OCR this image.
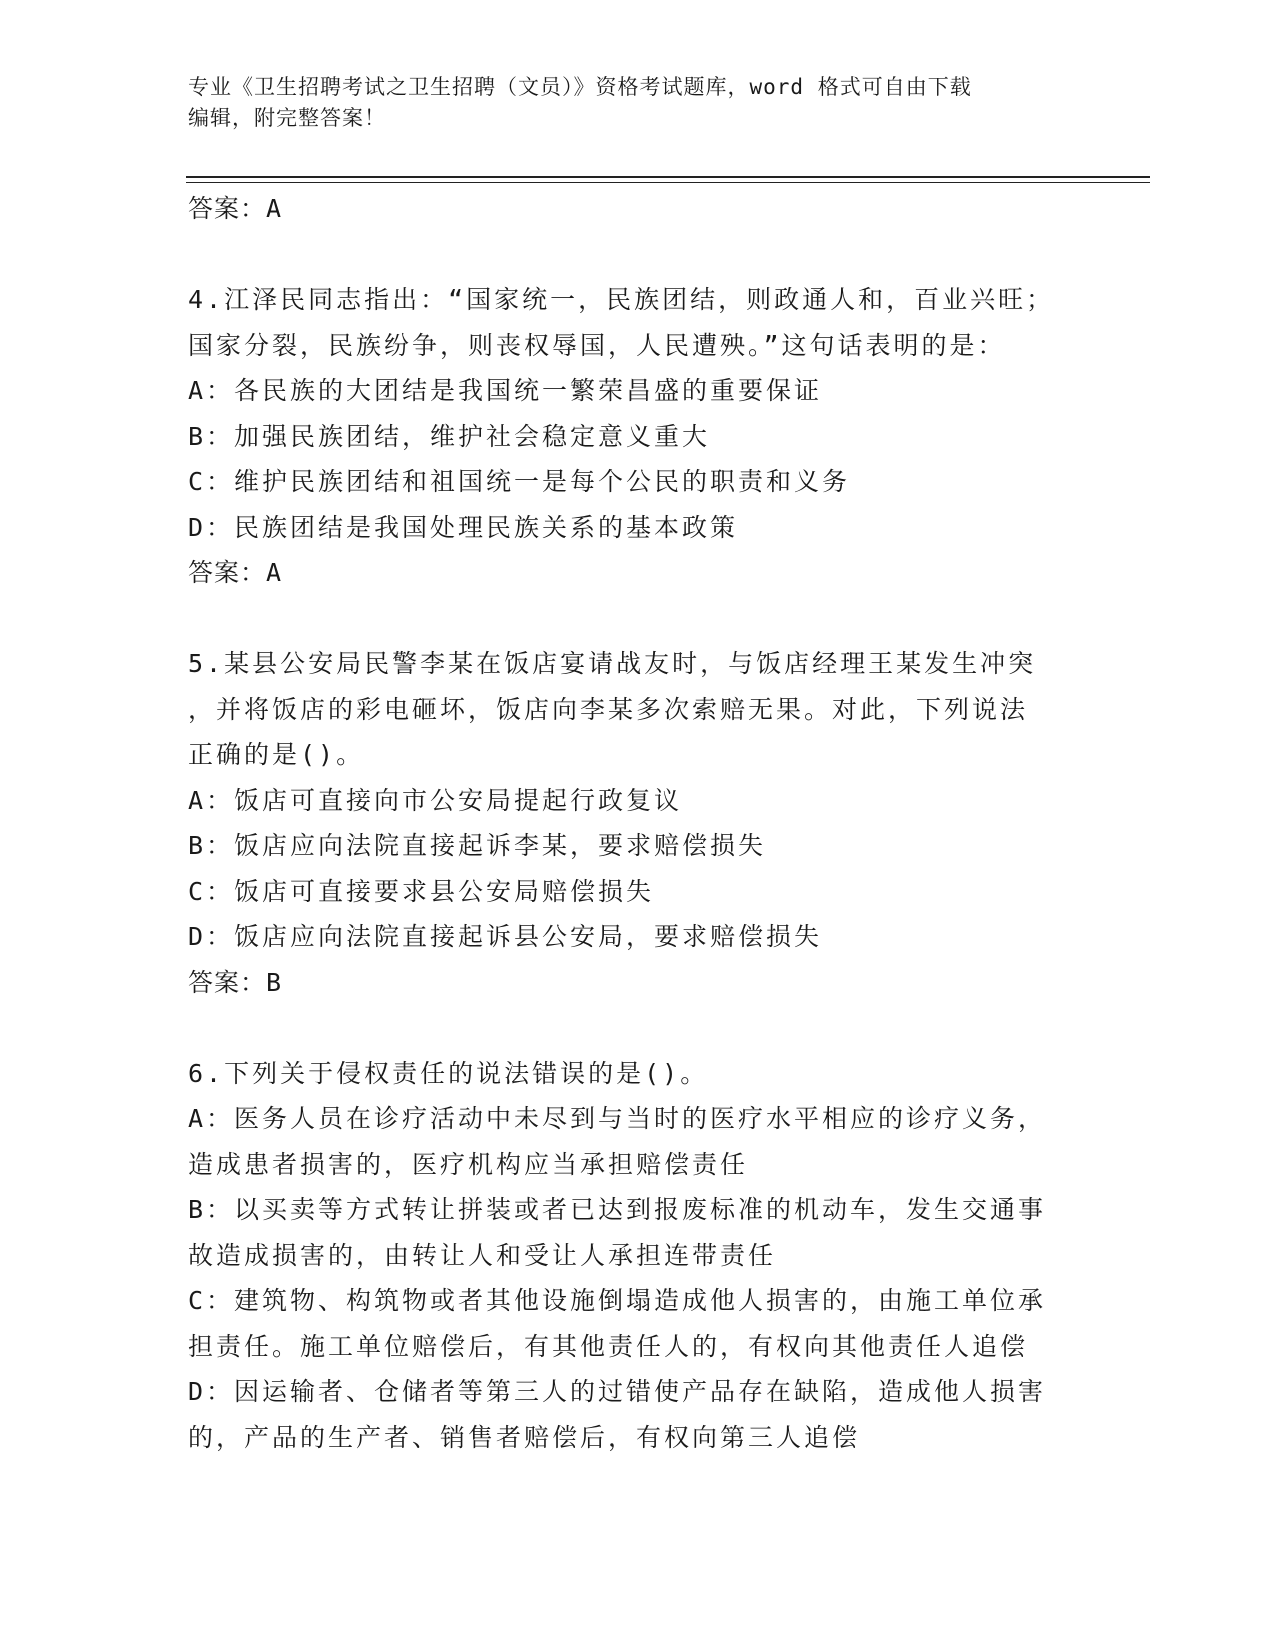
专业《卫生招聘考试之卫生招聘（文员）》资格考试题库，word 格式可自由下载
编辑，附完整答案！
答案：A
4.江泽民同志指出：“国家统一，民族团结，则政通人和，百业兴旺；
国家分裂，民族纷争，则丧权辱国，人民遭殃。”这句话表明的是：
A：各民族的大团结是我国统一繁荣昌盛的重要保证
B：加强民族团结，维护社会稳定意义重大
C：维护民族团结和祖国统一是每个公民的职责和义务
D：民族团结是我国处理民族关系的基本政策
答案：A
5.某县公安局民警李某在饭店宴请战友时，与饭店经理王某发生冲突
，并将饭店的彩电砸坏，饭店向李某多次索赔无果。对此，下列说法
正确的是()。
A：饭店可直接向市公安局提起行政复议
B：饭店应向法院直接起诉李某，要求赔偿损失
C：饭店可直接要求县公安局赔偿损失
D：饭店应向法院直接起诉县公安局，要求赔偿损失
答案：B
6.下列关于侵权责任的说法错误的是()。
A：医务人员在诊疗活动中未尽到与当时的医疗水平相应的诊疗义务，
造成患者损害的，医疗机构应当承担赔偿责任
B：以买卖等方式转让拼装或者已达到报废标准的机动车，发生交通事
故造成损害的，由转让人和受让人承担连带责任
C：建筑物、构筑物或者其他设施倒塌造成他人损害的，由施工单位承
担责任。施工单位赔偿后，有其他责任人的，有权向其他责任人追偿
D：因运输者、仓储者等第三人的过错使产品存在缺陷，造成他人损害
的，产品的生产者、销售者赔偿后，有权向第三人追偿
